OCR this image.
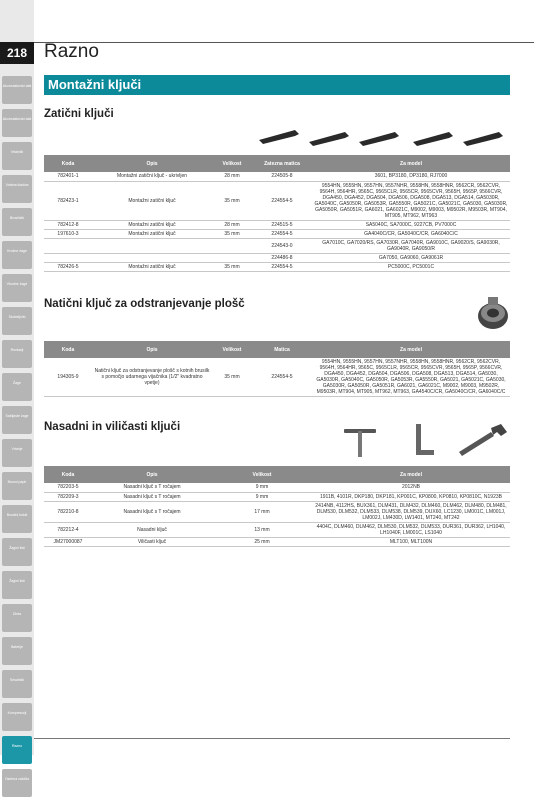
218
Akumulatorski alat
Akumulatorski alat
Vrtalniki
Vrtalna kladiva
Brusilniki
Krožne žage
Vbodne žage
Skobeljniki
Rezkarji
Žage
Sabljaste žage
Vrtanje
Brusni papir
Brusilni koluti
Žagini listi
Žagini listi
Dleta
Baterije
Sesalniki
Kompresorji
Razno
Osebna zaščita
Razno
Montažni ključi
Zatični ključi
Koda	Opis	Velikost	Zatezna matica	Za model
782401-1	Montažni zatični ključ - ukrivljen	28 mm	224505-8	3601, BP3180, DP3180, RJ7000
782423-1	Montažni zatični ključ	35 mm	224554-5	9554HN, 9555HN, 9557HN, 9557NHR, 9558HN, 9558HNR, 9562CR, 9562CVR, 9564H, 9564HR, 9565C, 9565CLR, 9565CR, 9565CVR, 9565H, 9565P, 9566CVR, DGA450, DGA452, DGA504, DGA506, DGA508, DGA513, DGA514, GA5030R, GA5040C, GA5050R, GA5053R, GA5550R, GA5021C, GA5021C, GA5030, GA5030R, GA5050R, GA5051R, GA6021, GA6021C, M9002, M9003, M9502R, M9503R, MT904, MT905, MT962, MT963
782412-8	Montažni zatični ključ	28 mm	224515-5	SA5040C, SA7000C, 9227CB, PV7000C
197610-3	Montažni zatični ključ	35 mm	224554-5	GA4040C/CR, GA5040C/CR, GA6040C/C
			224543-0	GA7010C, GA7020/RS, GA7030R, GA7040R, GA9010C, GA9020/S, GA9030R, GA9040R, GA9050/R
			224486-8	GA7050, GA9060, GA9061R
782426-5	Montažni zatični ključ	35 mm	224554-5	PC5000C, PC5001C
Natični ključ za odstranjevanje plošč
Koda	Opis	Velikost	Matica	Za model
194305-9	Natični ključ za odstranjevanje plošč s kotnih brusilk s pomočjo udarnega vijačnika (1/2" kvadratno vpetje)	35 mm	224554-5	9554HN, 9555HN, 9557HN, 9557NHR, 9558HN, 9558HNR, 9562CR, 9562CVR, 9564H, 9564HR, 9565C, 9565CLR, 9565CR, 9565CVR, 9565H, 9565P, 9566CVR, DGA450, DGA452, DGA504, DGA506, DGA508, DGA513, DGA514, GA5030, GA5030R, GA5040C, GA5050R, GA5053R, GA5550R, GA5021, GA5021C, GA5030, GA5030R, GA5050R, GA5051R, GA6021, GA6021C, M9002, M9003, M9502R, M9503R, MT904, MT905, MT962, MT963, GA4540C/CR, GA5040C/CR, GA6040C/C
Nasadni in viličasti ključi
Koda	Opis	Velikost	Za model
782203-5	Nasadni ključ s T ročajem	9 mm	2012NB
782209-3	Nasadni ključ s T ročajem	9 mm	1911B, 4101R, DKP180, DKP181, KP001C, KP0800, KP0810, KP0810C, N1923B
782210-8	Nasadni ključ s T ročajem	17 mm	2414NB, 4112HS, BUX361, DLM431, DLM432, DLM460, DLM462, DLM480, DLM481, DLM530, DLM532, DLM533, DLM538, DLM539, DUX60, LC1230, LM001C, LM001J, LM002J, LM430D, LW1401, MT240, MT242
782212-4	Nasadni ključ	13 mm	4404C, DLM460, DLM462, DLM530, DLM532, DLM533, DUR361, DUR362, LH1040, LH1040F, LM001C, LS1040
JM27000087	Viličasti ključ	25 mm	MLT100, MLT100N
